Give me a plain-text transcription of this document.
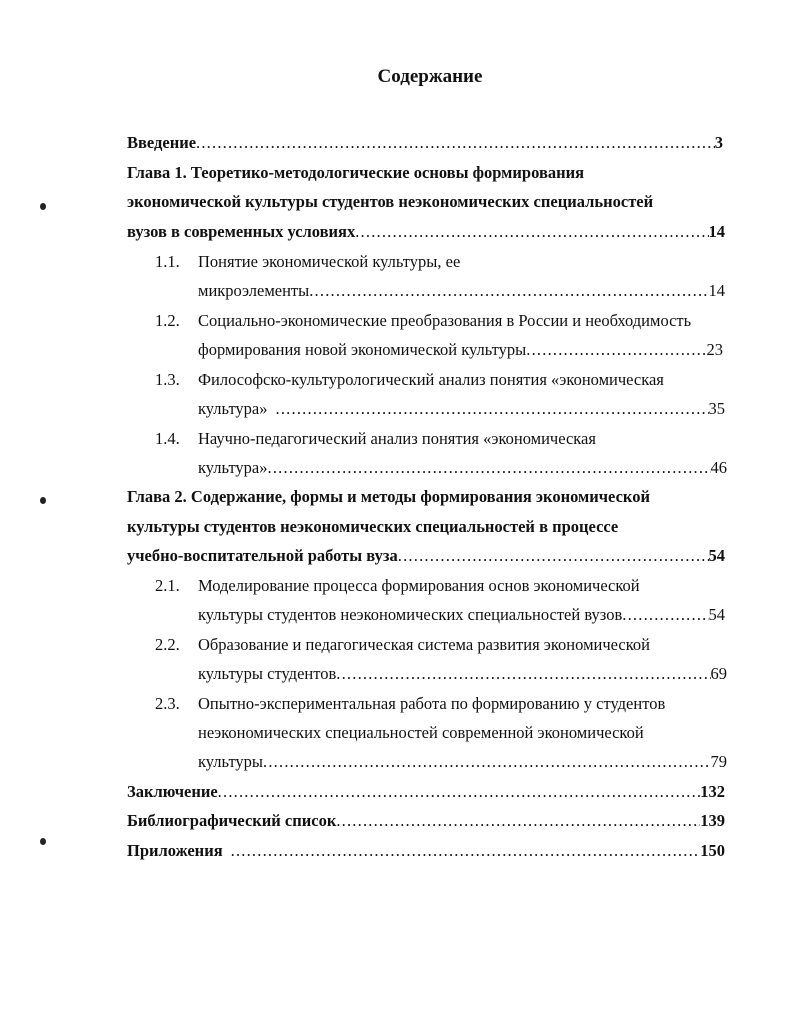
Содержание
Введение .....	3
Глава 1. Теоретико-методологические основы формирования
экономической культуры студентов неэкономических специальностей
вузов в современных условиях .....	14
1.1. Понятие экономической культуры, ее
микроэлементы .....	14
1.2. Социально-экономические преобразования в России и необходимость
формирования новой экономической культуры .....	23
1.3. Философско-культурологический анализ понятия «экономическая
культура» .....	35
1.4. Научно-педагогический анализ понятия «экономическая
культура» .....	46
Глава 2. Содержание, формы и методы формирования экономической
культуры студентов неэкономических специальностей в процессе
учебно-воспитательной работы вуза .....	54
2.1. Моделирование процесса формирования основ экономической
культуры студентов неэкономических специальностей вузов .....	54
2.2. Образование и педагогическая система развития экономической
культуры студентов .....	69
2.3. Опытно-экспериментальная работа по формированию у студентов
неэкономических специальностей современной экономической
культуры .....	79
Заключение .....	132
Библиографический список .....	139
Приложения .....	150
